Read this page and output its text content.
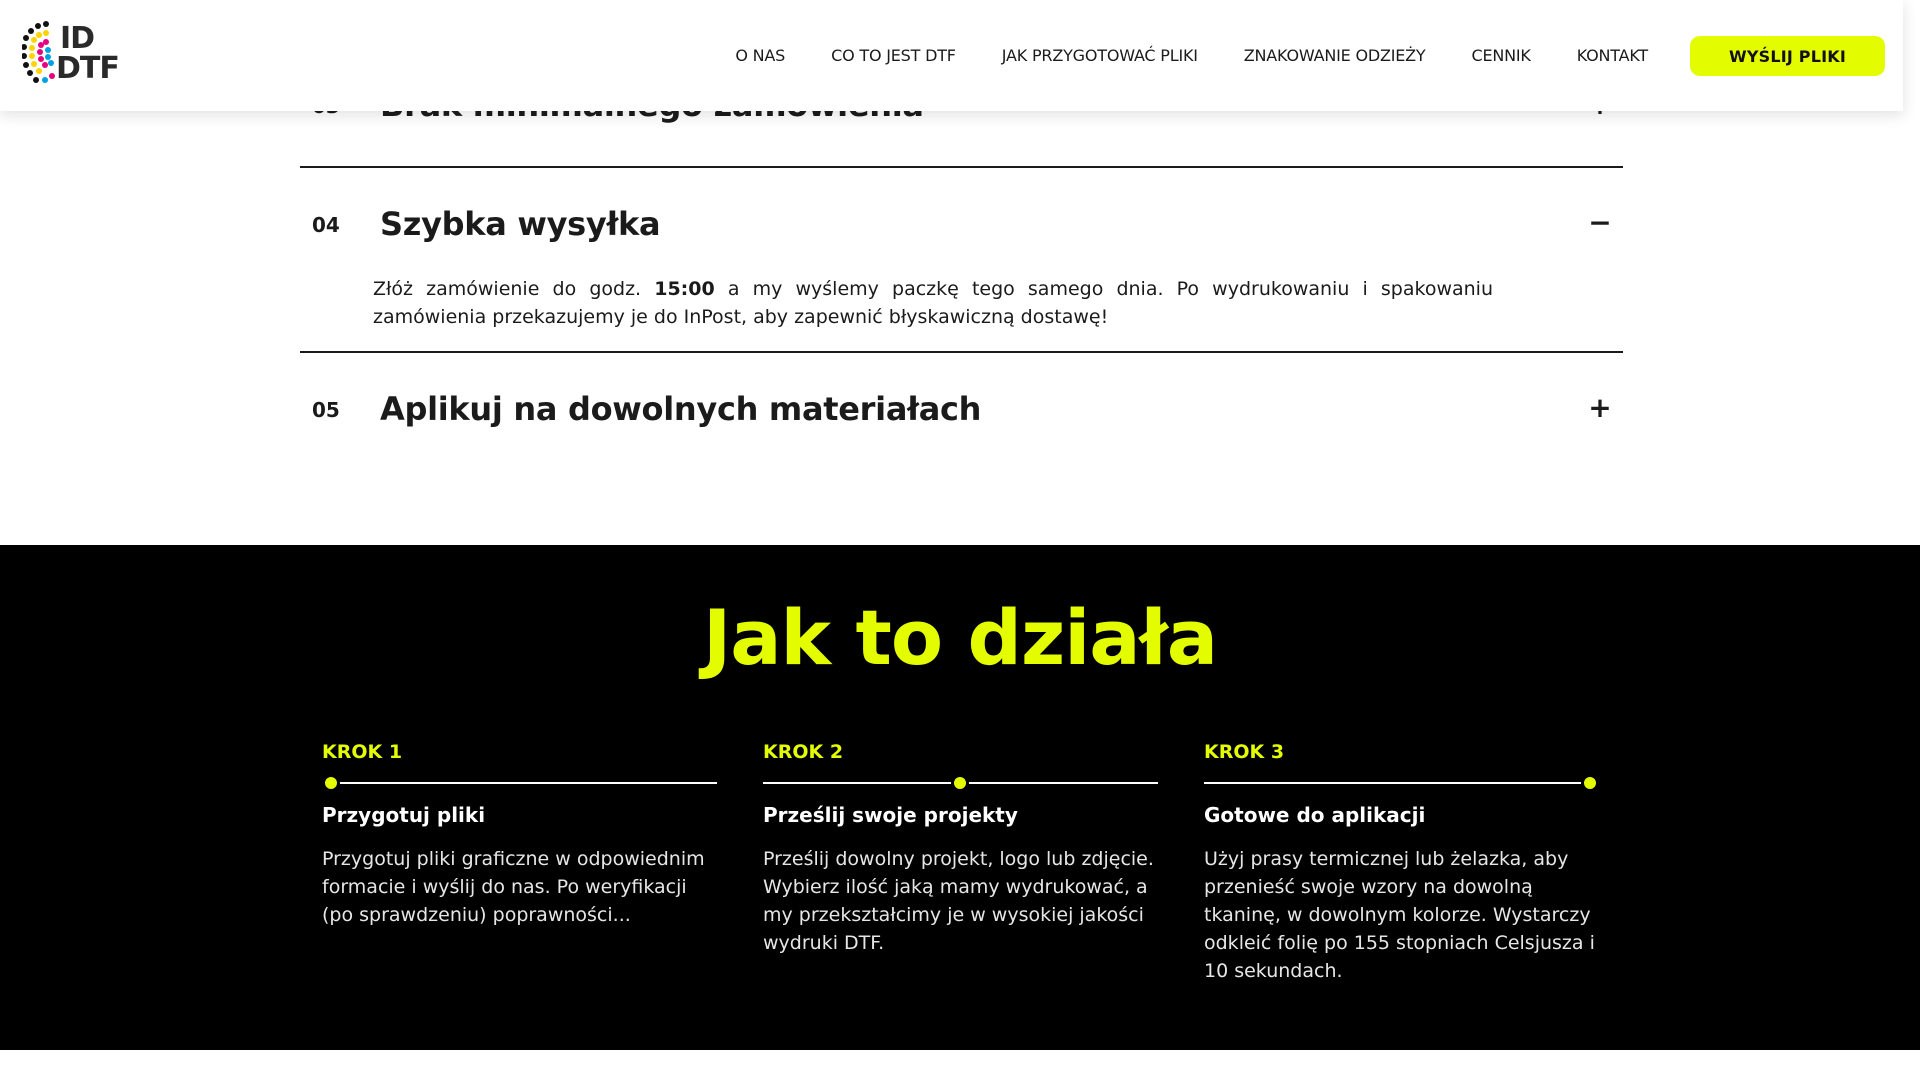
04 Szybka wysyłka	−
Złóż zamówienie do godz. 15:00 a my wyślemy paczkę tego samego dnia. Po wydrukowaniu i spakowaniu zamówienia przekazujemy je do InPost, aby zapewnić błyskawiczną dostawę!
05 Aplikuj na dowolnych materiałach	+
ID
DTF	O NAS	CO TO JEST DTF	JAK PRZYGOTOWAĆ PLIKI	ZNAKOWANIE ODZIEŻY	CENNIK	KONTAKT	WYŚLIJ PLIKI
Jak to działa
KROK 1
Przygotuj pliki
Przygotuj pliki graficzne w odpowiednim formacie i wyślij do nas. Po weryfikacji (po sprawdzeniu) poprawności...
KROK 2
Prześlij swoje projekty
Prześlij dowolny projekt, logo lub zdjęcie. Wybierz ilość jaką mamy wydrukować, a my przekształcimy je w wysokiej jakości wydruki DTF.
KROK 3
Gotowe do aplikacji
Użyj prasy termicznej lub żelazka, aby przenieść swoje wzory na dowolną tkaninę, w dowolnym kolorze. Wystarczy odkleić folię po 155 stopniach Celsjusza i 10 sekundach.
